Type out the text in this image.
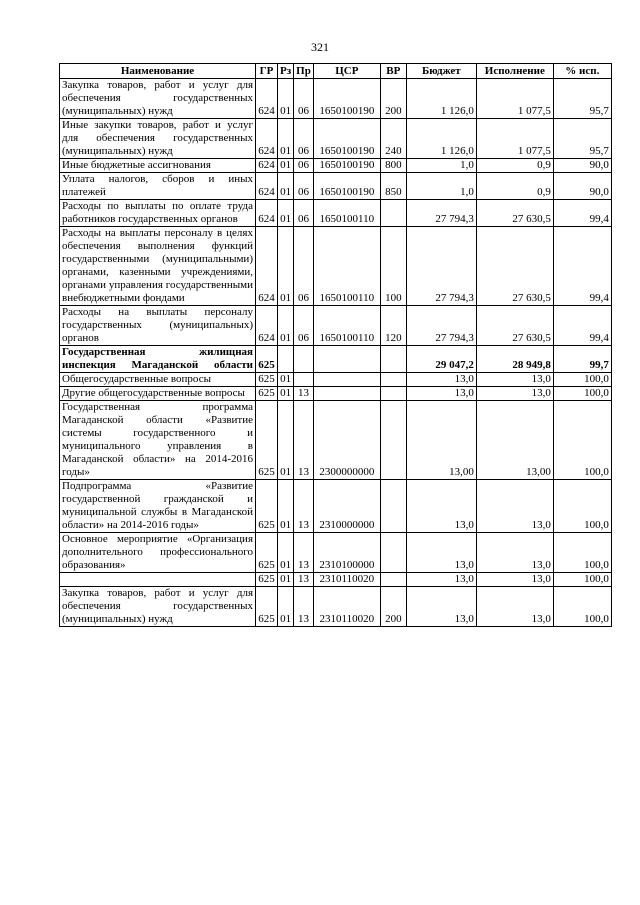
321
Наименование	ГР	Рз	Пр	ЦСР	ВР	Бюджет	Исполнение	% исп.
Закупка товаров, работ и услуг для обеспечения государственных (муниципальных) нужд	624	01	06	1650100190	200	1 126,0	1 077,5	95,7
Иные закупки товаров, работ и услуг для обеспечения государственных (муниципальных) нужд	624	01	06	1650100190	240	1 126,0	1 077,5	95,7
Иные бюджетные ассигнования	624	01	06	1650100190	800	1,0	0,9	90,0
Уплата налогов, сборов и иных платежей	624	01	06	1650100190	850	1,0	0,9	90,0
Расходы по выплаты по оплате труда работников государственных органов	624	01	06	1650100110		27 794,3	27 630,5	99,4
Расходы на выплаты персоналу в целях обеспечения выполнения функций государственными (муниципальными) органами, казенными учреждениями, органами управления государственными внебюджетными фондами	624	01	06	1650100110	100	27 794,3	27 630,5	99,4
Расходы на выплаты персоналу государственных (муниципальных) органов	624	01	06	1650100110	120	27 794,3	27 630,5	99,4
Государственная жилищная инспекция Магаданской области	625					29 047,2	28 949,8	99,7
Общегосударственные вопросы	625	01				13,0	13,0	100,0
Другие общегосударственные вопросы	625	01	13			13,0	13,0	100,0
Государственная программа Магаданской области «Развитие системы государственного и муниципального управления в Магаданской области» на 2014-2016 годы»	625	01	13	2300000000		13,00	13,00	100,0
Подпрограмма «Развитие государственной гражданской и муниципальной службы в Магаданской области» на 2014-2016 годы»	625	01	13	2310000000		13,0	13,0	100,0
Основное мероприятие «Организация дополнительного профессионального образования»	625	01	13	2310100000		13,0	13,0	100,0
	625	01	13	2310110020		13,0	13,0	100,0
Закупка товаров, работ и услуг для обеспечения государственных (муниципальных) нужд	625	01	13	2310110020	200	13,0	13,0	100,0
